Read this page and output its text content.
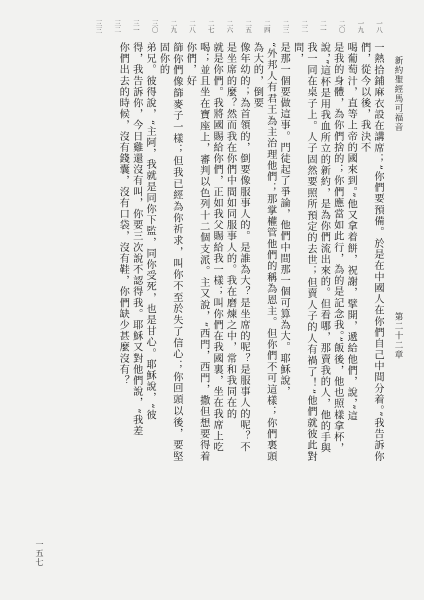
新約聖經馬可福音
第二十二章
一熱拾鋪麻衣設在講席；”你們要預備。於是在中國人在你們自己中間分着。”我告訴你們，從今以後，我決不
喝葡萄汁，直等上帝的國來到。”他又拿着餅，祝謝，擘開，遞給他們，說，”這
是我的身體，為你們捨的；你們應當如此行，為的是記念我。”飯後，他也照樣拿杯，
說，”這杯是用我血所立的新約，是為你們流出來的。但看哪，那賣我的人，他的手與
我一同在桌子上。人子固然要照所預定的去世；但賣人子的人有禍了！”他們就彼此對問，
是那一個要做這事。門徒起了爭論，他們中間那一個可算為大。耶穌說，
“外邦人有君王為主治理他們；那掌權管他們的稱為恩主。但你們不可這樣；你們裏頭為大的，倒要
像年幼的；為首領的，倒要像服事人的。是誰為大？是坐席的呢？是服事人的呢？不
是坐席的麼？然而我在你們中間如同服事人的。我在磨煉之中，常和我同在的
就是你們。我將國賜給你們，正如我父賜給我一樣；叫你們在我國裏，坐在我席上吃
喝；並且坐在寶座上，審判以色列十二個支派。主又說，“西門，西門，撒但想要得着你們，好
篩你們像篩麥子一樣；但我已經為你祈求，叫你不至於失了信心；你回頭以後，要堅固你的
弟兄。彼得說，“主阿，我就是同你下監，同你受死，也是甘心。耶穌說，“彼
得，我告訴你，今日雞還沒有叫，你要三次說不認得我。耶穌又對他們說，“我差
你們出去的時候，沒有錢囊，沒有口袋，沒有鞋，你們缺少甚麼沒有？
一五七
一八
一九
二〇
二一
二二
二三
二四
二五
二六
二七
二八
二九
三〇
三一
三二
三三
